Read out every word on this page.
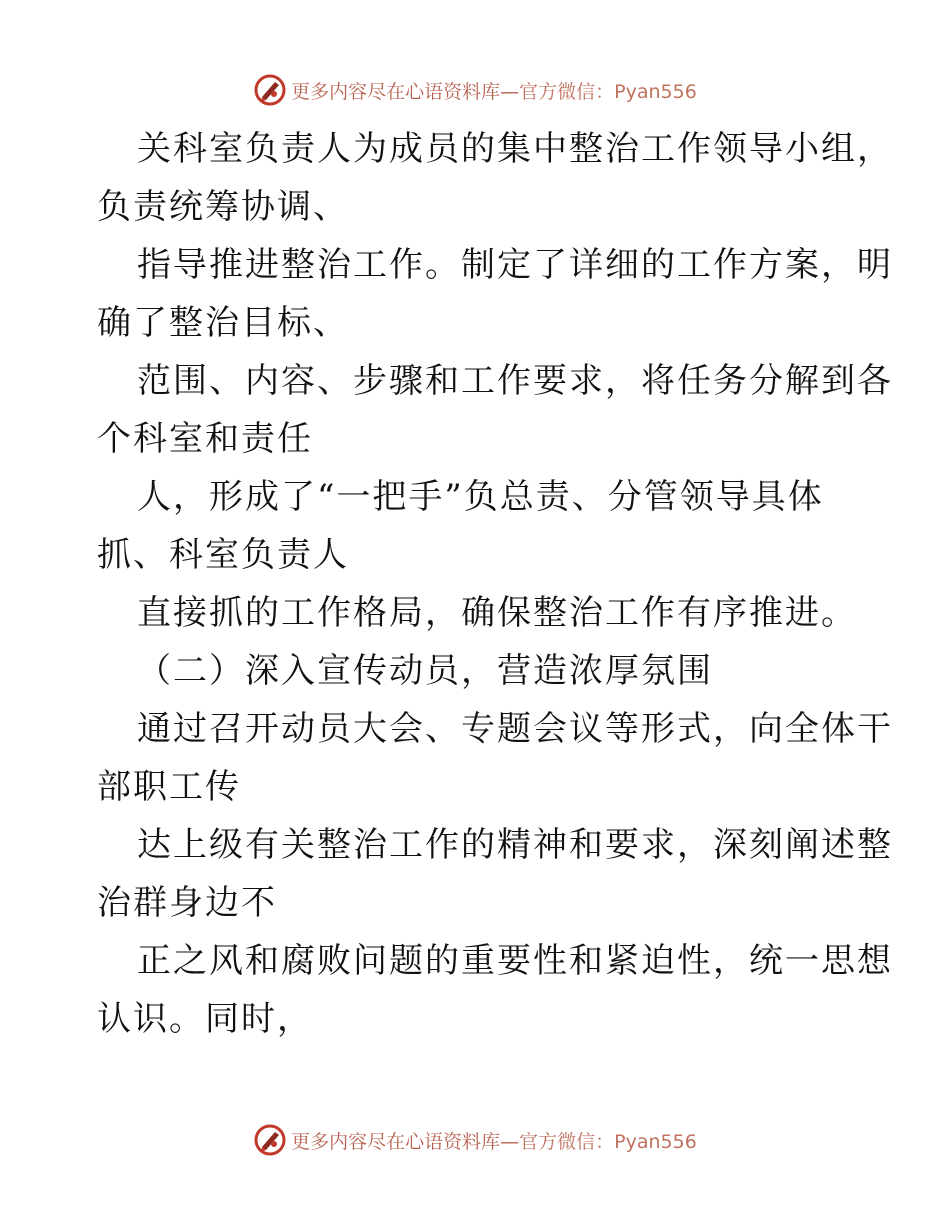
更多内容尽在心语资料库—官方微信：Pyan556
关科室负责人为成员的集中整治工作领导小组，
负责统筹协调、
指导推进整治工作。制定了详细的工作方案，明
确了整治目标、
范围、内容、步骤和工作要求，将任务分解到各
个科室和责任
人，形成了“一把手”负总责、分管领导具体
抓、科室负责人
直接抓的工作格局，确保整治工作有序推进。
（二）深入宣传动员，营造浓厚氛围
通过召开动员大会、专题会议等形式，向全体干
部职工传
达上级有关整治工作的精神和要求，深刻阐述整
治群身边不
正之风和腐败问题的重要性和紧迫性，统一思想
认识。同时，
更多内容尽在心语资料库—官方微信：Pyan556
